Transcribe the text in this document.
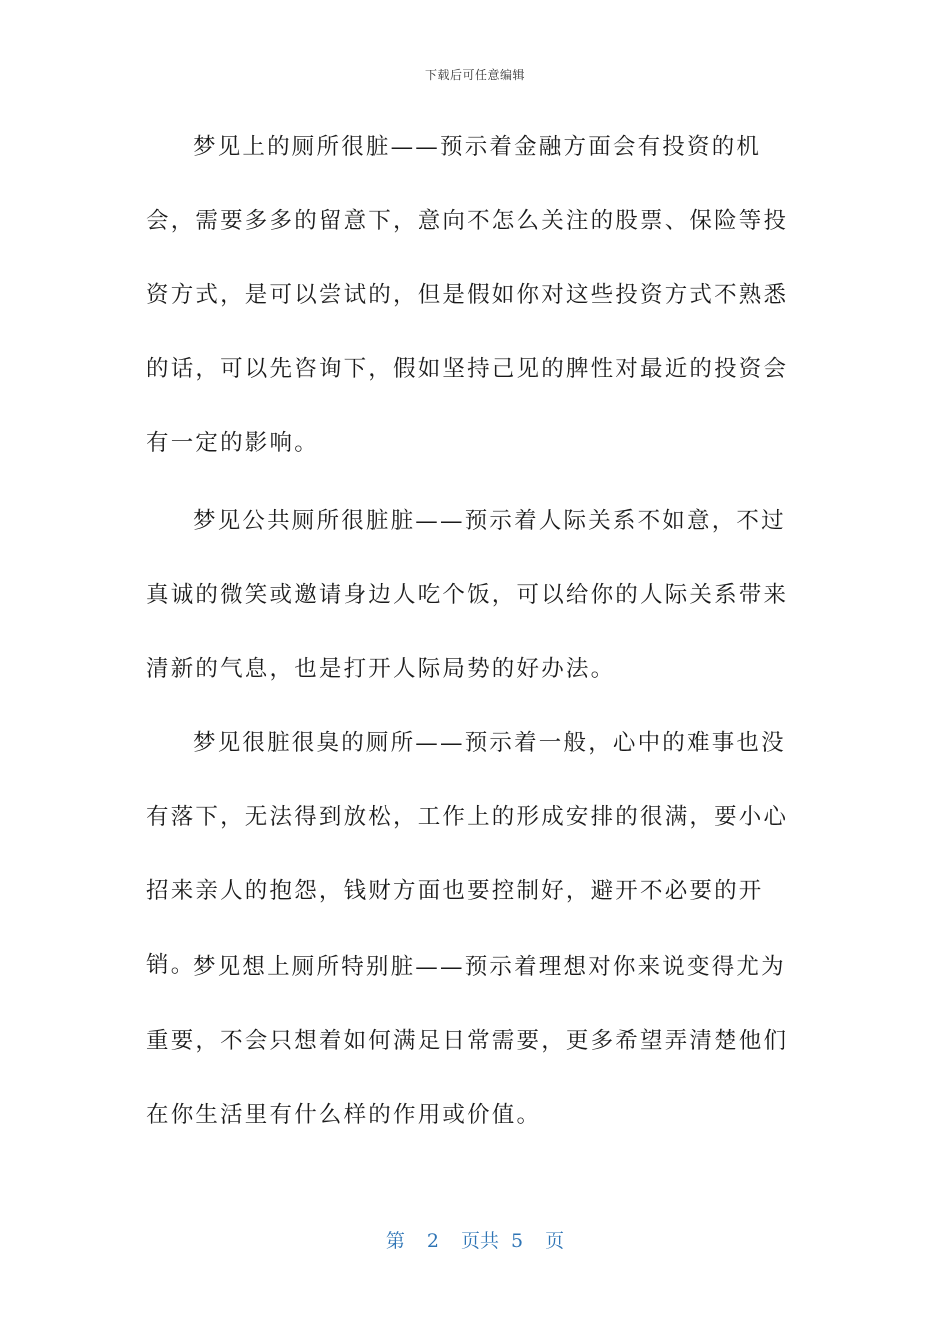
下载后可任意编辑

梦见上的厕所很脏——预示着金融方面会有投资的机会，需要多多的留意下，意向不怎么关注的股票、保险等投资方式，是可以尝试的，但是假如你对这些投资方式不熟悉的话，可以先咨询下，假如坚持己见的脾性对最近的投资会有一定的影响。

梦见公共厕所很脏脏——预示着人际关系不如意，不过真诚的微笑或邀请身边人吃个饭，可以给你的人际关系带来清新的气息，也是打开人际局势的好办法。

梦见很脏很臭的厕所——预示着一般，心中的难事也没有落下，无法得到放松，工作上的形成安排的很满，要小心招来亲人的抱怨，钱财方面也要控制好，避开不必要的开销。

梦见想上厕所特别脏——预示着理想对你来说变得尤为重要，不会只想着如何满足日常需要，更多希望弄清楚他们在你生活里有什么样的作用或价值。

第 2 页共 5 页
